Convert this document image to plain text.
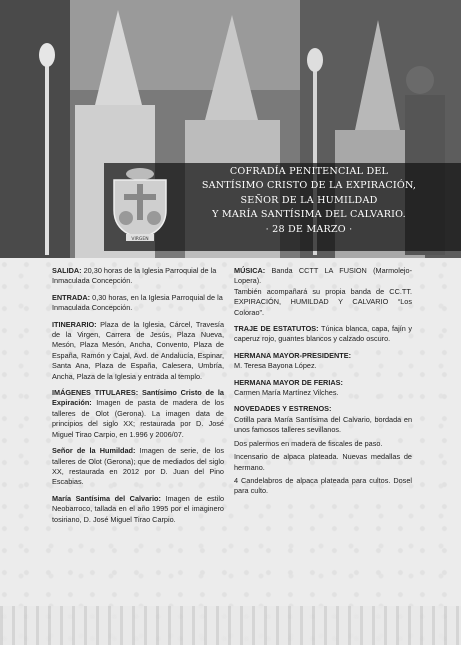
VIRGEN
COFRADÍA PENITENCIAL DEL
SANTÍSIMO CRISTO DE LA EXPIRACIÓN,
SEÑOR DE LA HUMILDAD
Y MARÍA SANTÍSIMA DEL CALVARIO.
· 28 DE MARZO ·
SALIDA: 20,30 horas de la Iglesia Parroquial de la Inmaculada Concepción.
ENTRADA: 0,30 horas, en la Iglesia Parroquial de la Inmaculada Concepción.
ITINERARIO: Plaza de la Iglesia, Cárcel, Travesía de la Virgen, Carrera de Jesús, Plaza Nueva, Mesón, Plaza Mesón, Ancha, Convento, Plaza de España, Ramón y Cajal, Avd. de Andalucía, Espinar, Santa Ana, Plaza de España, Calesera, Umbría, Ancha, Plaza de la Iglesia y entrada al templo.
IMÁGENES TITULARES: Santísimo Cristo de la Expiración: Imagen de pasta de madera de los talleres de Olot (Gerona). La imagen data de principios del siglo XX; restaurada por D. José Miguel Tirao Carpio, en 1.996 y 2006/07.
Señor de la Humildad: Imagen de serie, de los talleres de Olot (Gerona); que de mediados del siglo XX, restaurada en 2012 por D. Juan del Pino Escabias.
María Santísima del Calvario: Imagen de estilo Neobarroco, tallada en el año 1995 por el imaginero tosiriano, D. José Miguel Tirao Carpio.
MÚSICA: Banda CCTT LA FUSION (Marmolejo-Lopera).
También acompañará su propia banda de CC.TT. EXPIRACIÓN, HUMILDAD Y CALVARIO “Los Colorao”.
TRAJE DE ESTATUTOS: Túnica blanca, capa, fajín y caperuz rojo, guantes blancos y calzado oscuro.
HERMANA MAYOR-PRESIDENTE:
M. Teresa Bayona López.
HERMANA MAYOR DE FERIAS:
Carmen María Martínez Vilches.
NOVEDADES Y ESTRENOS:
Cotilla para María Santísima del Calvario, bordada en unos famosos talleres sevillanos.
Dos palermos en madera de fiscales de paso.
Incensario de alpaca plateada. Nuevas medallas de hermano.
4 Candelabros de alpaca plateada para cultos. Dosel para culto.
